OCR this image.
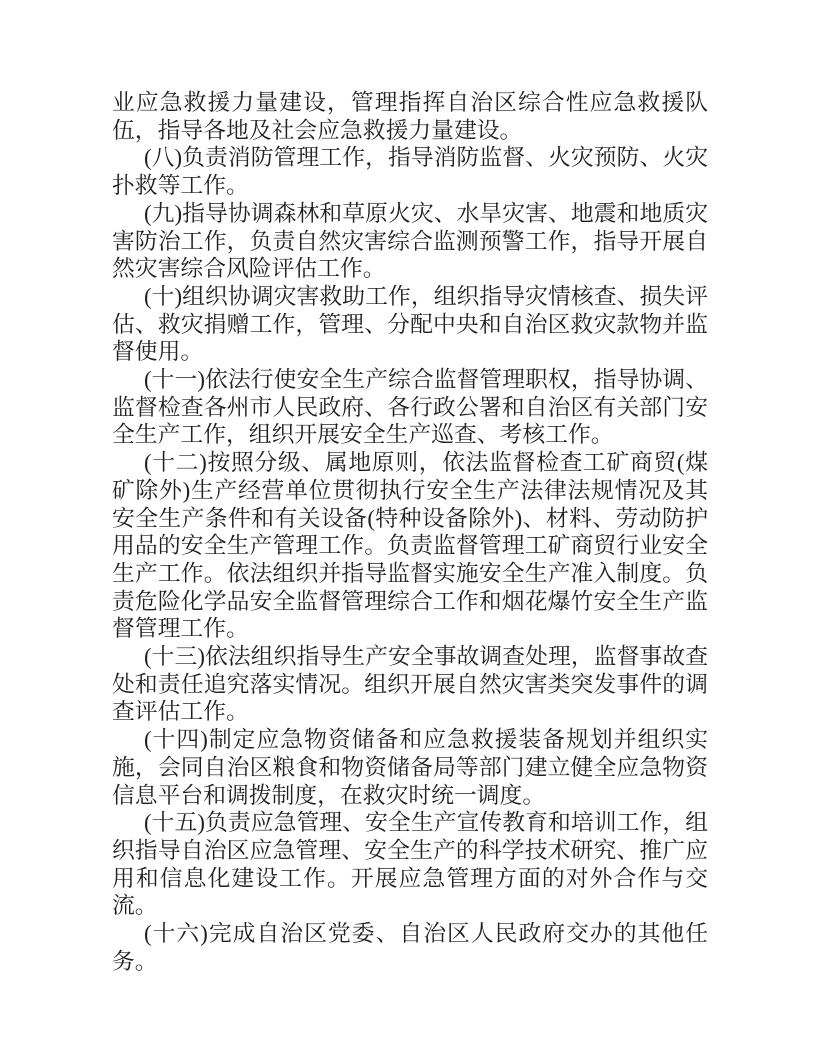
业应急救援力量建设，管理指挥自治区综合性应急救援队伍，指导各地及社会应急救援力量建设。

(八)负责消防管理工作，指导消防监督、火灾预防、火灾扑救等工作。

(九)指导协调森林和草原火灾、水旱灾害、地震和地质灾害防治工作，负责自然灾害综合监测预警工作，指导开展自然灾害综合风险评估工作。

(十)组织协调灾害救助工作，组织指导灾情核查、损失评估、救灾捐赠工作，管理、分配中央和自治区救灾款物并监督使用。

(十一)依法行使安全生产综合监督管理职权，指导协调、监督检查各州市人民政府、各行政公署和自治区有关部门安全生产工作，组织开展安全生产巡查、考核工作。

(十二)按照分级、属地原则，依法监督检查工矿商贸(煤矿除外)生产经营单位贯彻执行安全生产法律法规情况及其安全生产条件和有关设备(特种设备除外)、材料、劳动防护用品的安全生产管理工作。负责监督管理工矿商贸行业安全生产工作。依法组织并指导监督实施安全生产准入制度。负责危险化学品安全监督管理综合工作和烟花爆竹安全生产监督管理工作。

(十三)依法组织指导生产安全事故调查处理，监督事故查处和责任追究落实情况。组织开展自然灾害类突发事件的调查评估工作。

(十四)制定应急物资储备和应急救援装备规划并组织实施，会同自治区粮食和物资储备局等部门建立健全应急物资信息平台和调拨制度，在救灾时统一调度。

(十五)负责应急管理、安全生产宣传教育和培训工作，组织指导自治区应急管理、安全生产的科学技术研究、推广应用和信息化建设工作。开展应急管理方面的对外合作与交流。

(十六)完成自治区党委、自治区人民政府交办的其他任务。
